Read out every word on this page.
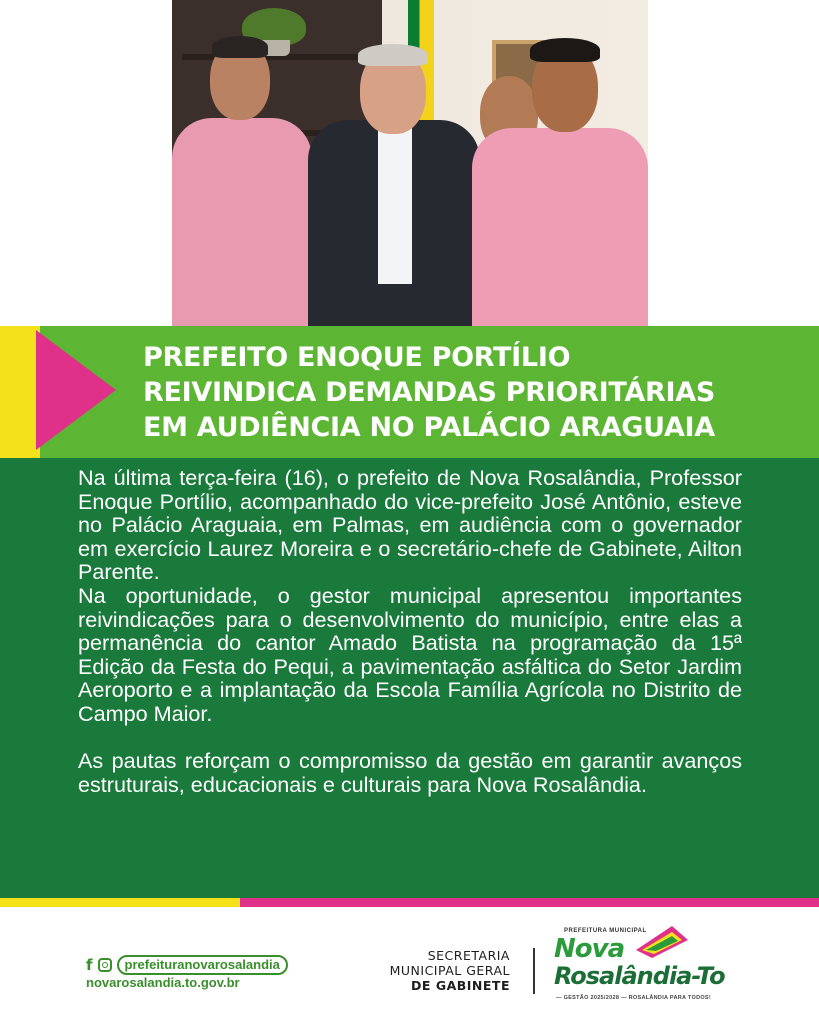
PREFEITO ENOQUE PORTÍLIO
REIVINDICA DEMANDAS PRIORITÁRIAS
EM AUDIÊNCIA NO PALÁCIO ARAGUAIA

Na última terça-feira (16), o prefeito de Nova Rosalândia, Professor Enoque Portílio, acompanhado do vice-prefeito José Antônio, esteve no Palácio Araguaia, em Palmas, em audiência com o governador em exercício Laurez Moreira e o secretário-chefe de Gabinete, Ailton Parente.

Na oportunidade, o gestor municipal apresentou importantes reivindicações para o desenvolvimento do município, entre elas a permanência do cantor Amado Batista na programação da 15ª Edição da Festa do Pequi, a pavimentação asfáltica do Setor Jardim Aeroporto e a implantação da Escola Família Agrícola no Distrito de Campo Maior.

As pautas reforçam o compromisso da gestão em garantir avanços estruturais, educacionais e culturais para Nova Rosalândia.

f	prefeituranovarosalandia
novarosalandia.to.gov.br
SECRETARIA
MUNICIPAL GERAL
DE GABINETE
PREFEITURA MUNICIPAL
Nova
Rosalândia-To
— GESTÃO 2025/2028 — ROSALÂNDIA PARA TODOS!
